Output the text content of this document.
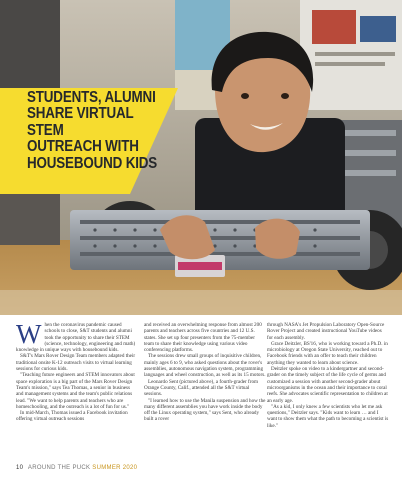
STUDENTS, ALUMNI
SHARE VIRTUAL STEM
OUTREACH WITH
HOUSEBOUND KIDS

When the coronavirus pandemic caused schools to close, S&T students and alumni took the opportunity to share their STEM (science, technology, engineering and math) knowledge in unique ways with housebound kids.

S&T's Mars Rover Design Team members adapted their traditional onsite K-12 outreach visits to virtual learning sessions for curious kids.

"Teaching future engineers and STEM innovators about space exploration is a big part of the Mars Rover Design Team's mission," says Tea Thomas, a senior in business and management systems and the team's public relations lead. "We want to help parents and teachers who are homeschooling, and the outreach is a lot of fun for us."

In mid-March, Thomas issued a Facebook invitation offering virtual outreach sessions

and received an overwhelming response from almost 200 parents and teachers across five countries and 12 U.S. states. She set up four presenters from the 75-member team to share their knowledge using various video conferencing platforms.

The sessions drew small groups of inquisitive children, mainly ages 6 to 9, who asked questions about the rover's assemblies, autonomous navigation system, programming languages and wheel construction, as well as its 15 motors.

Leonardo Sent (pictured above), a fourth-grader from Orange County, Calif., attended all the S&T virtual sessions.

"I learned how to use the Manila suspension and how the many different assemblies you have work inside the body off the Linux operating system," says Sent, who already built a rover

through NASA's Jet Propulsion Laboratory Open-Source Rover Project and created instructional YouTube videos for each assembly.

Grace Deitzler, BS'16, who is working toward a Ph.D. in microbiology at Oregon State University, reached out to Facebook friends with an offer to teach their children anything they wanted to learn about science.

Deitzler spoke on video to a kindergartner and second-grader on the timely subject of the life cycle of germs and customized a session with another second-grader about microorganisms in the ocean and their importance to coral reefs. She advocates scientific representation to children at an early age.

"As a kid, I only knew a few scientists who let me ask questions," Deitzler says. "Kids want to learn … and I want to show them what the path to becoming a scientist is like."

10 AROUND THE PUCK SUMMER 2020
